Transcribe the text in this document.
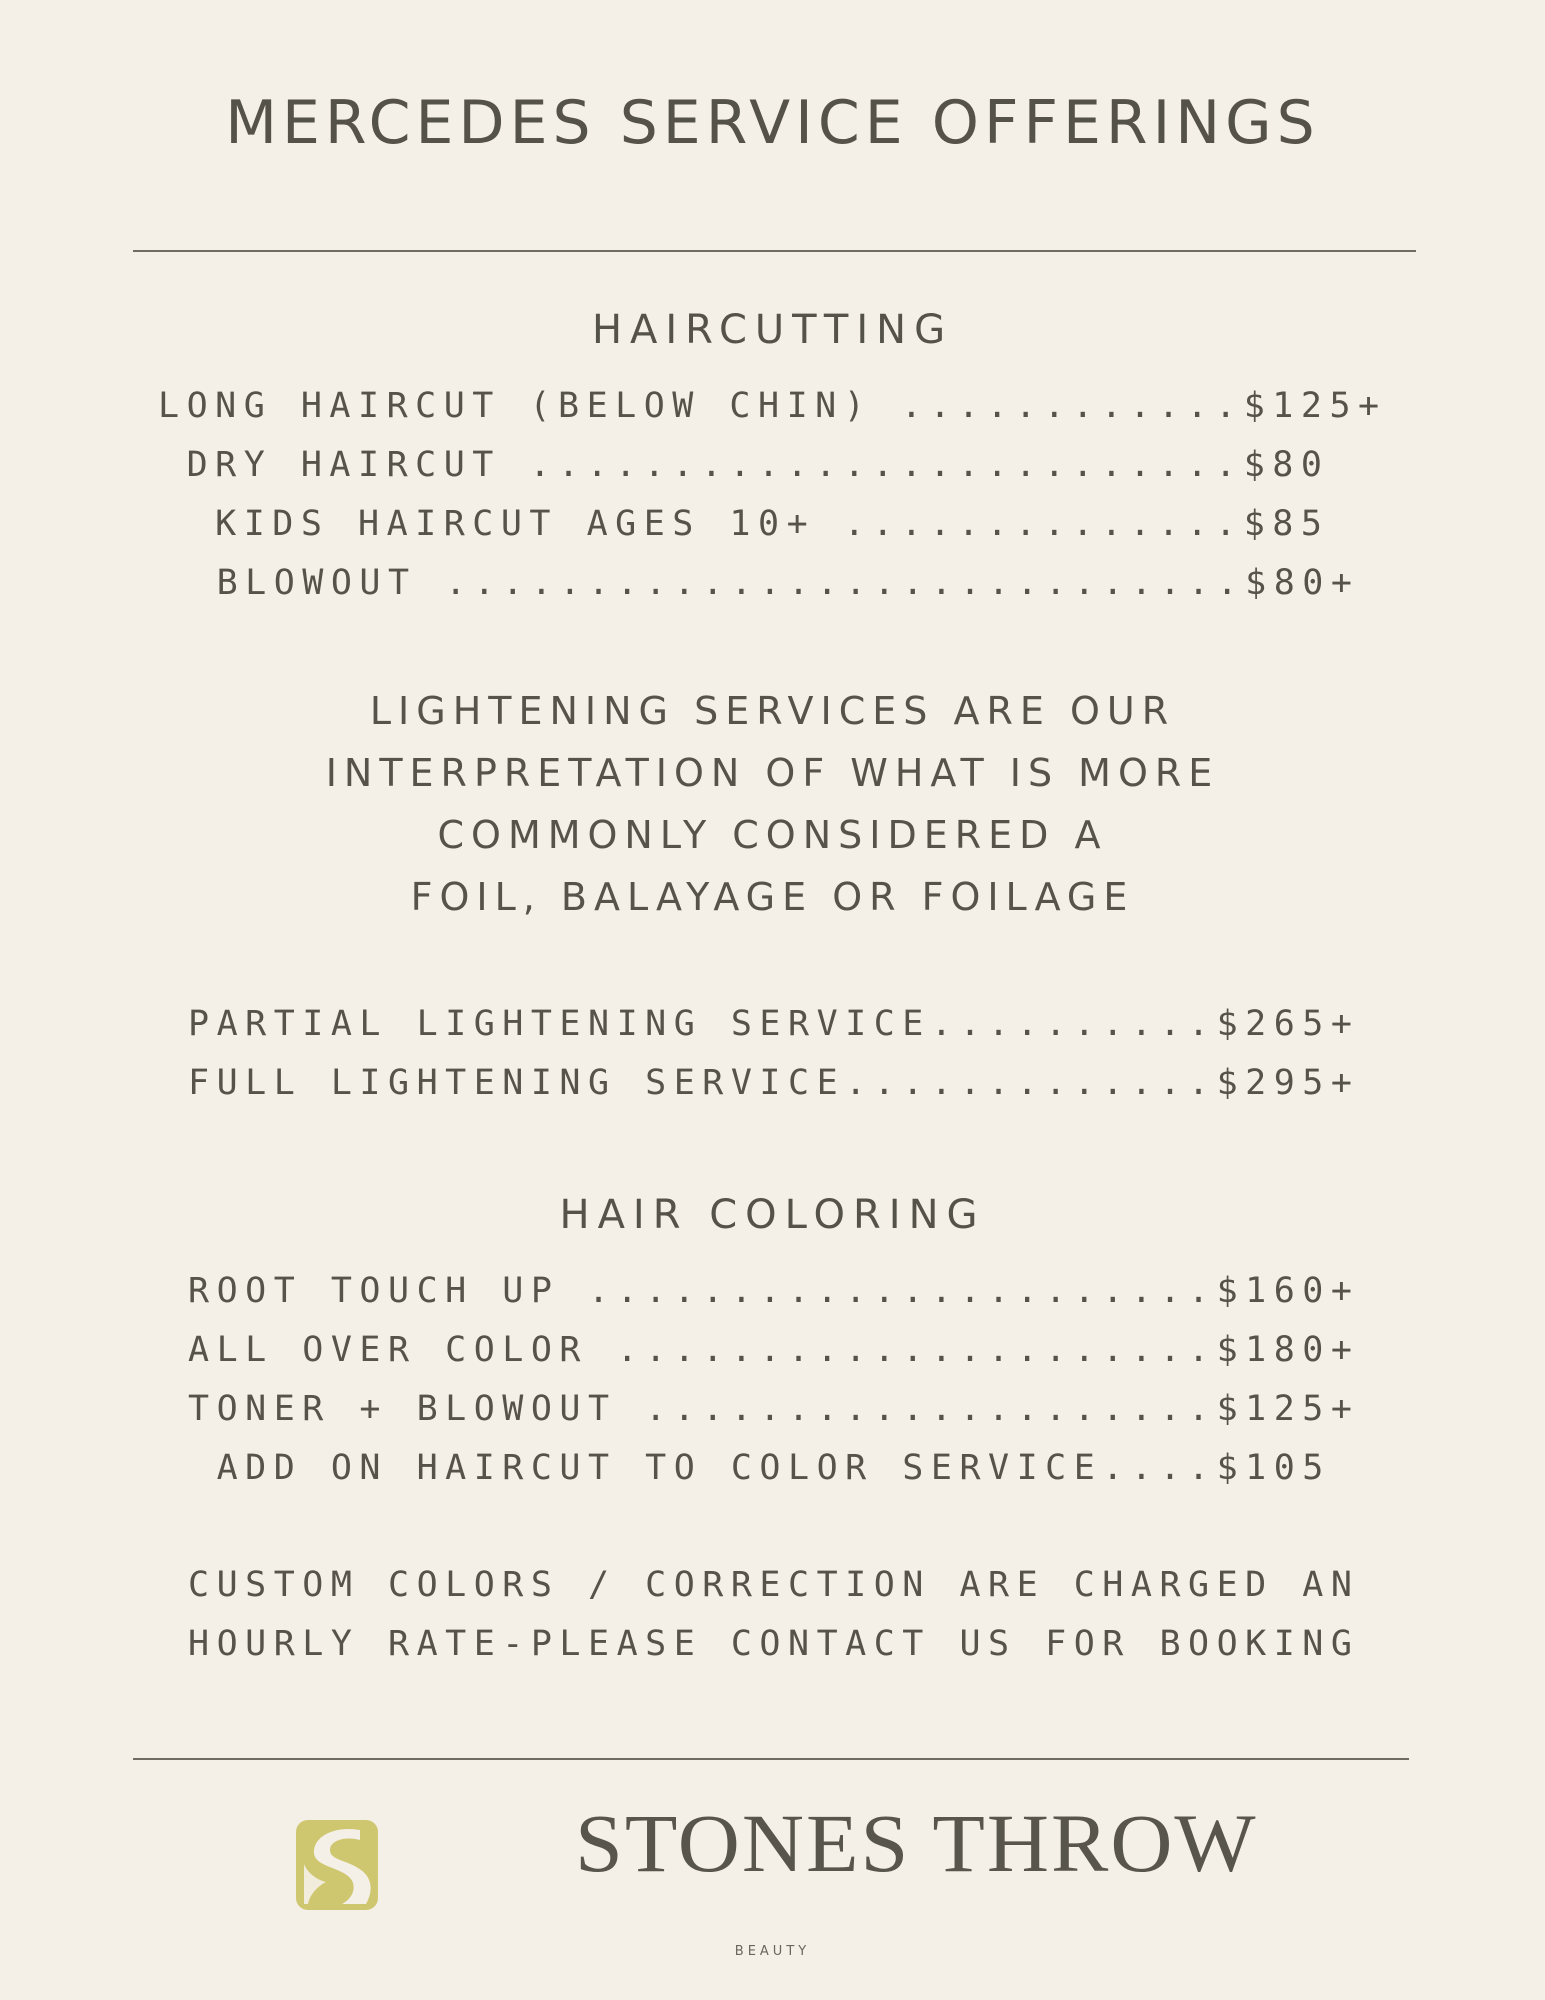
MERCEDES SERVICE OFFERINGS
HAIRCUTTING
LONG HAIRCUT (BELOW CHIN) ............$125+
DRY HAIRCUT .........................$80
KIDS HAIRCUT AGES 10+ ..............$85
BLOWOUT ............................$80+
LIGHTENING SERVICES ARE OUR
INTERPRETATION OF WHAT IS MORE
COMMONLY CONSIDERED A
FOIL, BALAYAGE OR FOILAGE
PARTIAL LIGHTENING SERVICE..........$265+
FULL LIGHTENING SERVICE.............$295+
HAIR COLORING
ROOT TOUCH UP ......................$160+
ALL OVER COLOR .....................$180+
TONER + BLOWOUT ....................$125+
ADD ON HAIRCUT TO COLOR SERVICE....$105
CUSTOM COLORS / CORRECTION ARE CHARGED AN
HOURLY RATE-PLEASE CONTACT US FOR BOOKING
STONES THROW
BEAUTY
